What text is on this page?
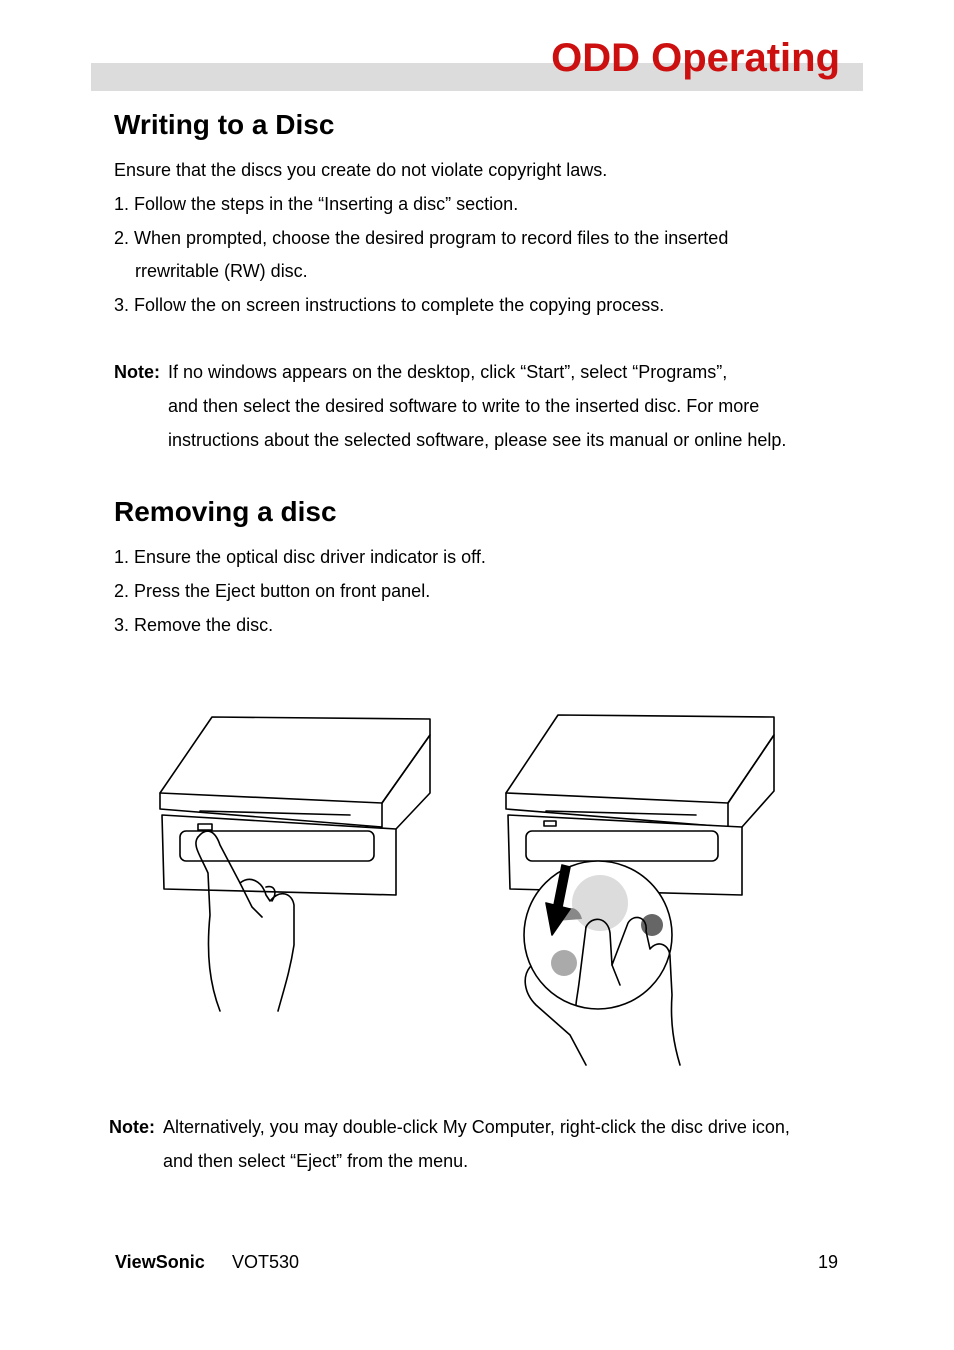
ODD Operating
Writing to a Disc
Ensure that the discs you create do not violate copyright laws.
1. Follow the steps in the “Inserting a disc” section.
2. When prompted, choose the desired program to record files to the inserted
rrewritable (RW) disc.
3. Follow the on screen instructions to complete the copying process.
Note: If no windows appears on the desktop, click “Start”, select “Programs”,
and then select the desired software to write to the inserted disc. For more
instructions about the selected software, please see its manual or online help.
Removing a disc
1. Ensure the optical disc driver indicator is off.
2. Press the Eject button on front panel.
3. Remove the disc.
Note: Alternatively, you may double-click My Computer, right-click the disc drive icon,
and then select “Eject” from the menu.
ViewSonic VOT530	19
